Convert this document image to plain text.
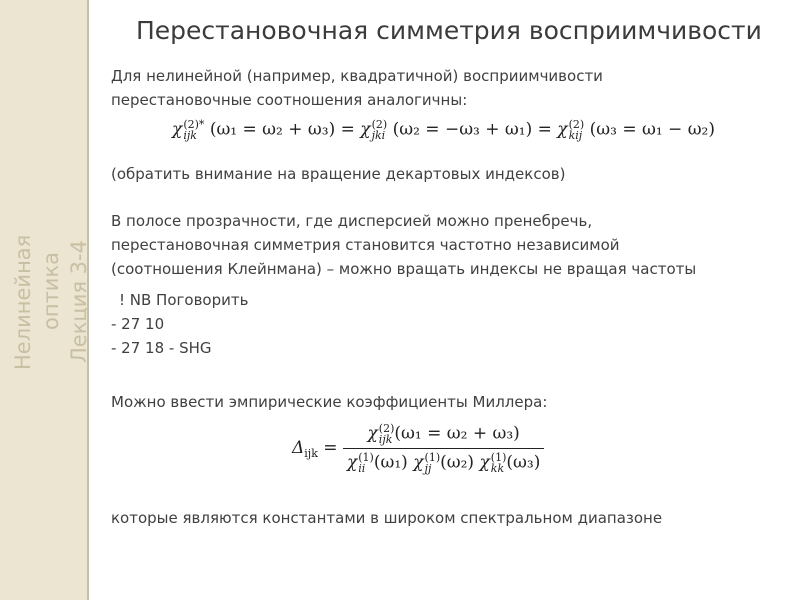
Нелинейная оптика Лекция 3-4
Перестановочная симметрия восприимчивости
Для нелинейной (например, квадратичной) восприимчивости
перестановочные соотношения аналогичны:
χ (2)*
ijk (ω₁ = ω₂ + ω₃) = χ (2)
jki (ω₂ = −ω₃ + ω₁) = χ (2)
kij (ω₃ = ω₁ − ω₂)
(обратить внимание на вращение декартовых индексов)
В полосе прозрачности, где дисперсией можно пренебречь,
перестановочная симметрия становится частотно независимой
(соотношения Клейнмана) – можно вращать индексы не вращая частоты
! NB Поговорить
- 27 10
- 27 18 - SHG
Можно ввести эмпирические коэффициенты Миллера:
$\Delta_{ijk} = \chi$ (2)
ijk (ω₁ = ω₂ + ω₃)
χ (1)
ii (ω₁) χ (1)
jj (ω₂) χ (1)
kk (ω₃)
которые являются константами в широком спектральном диапазоне
